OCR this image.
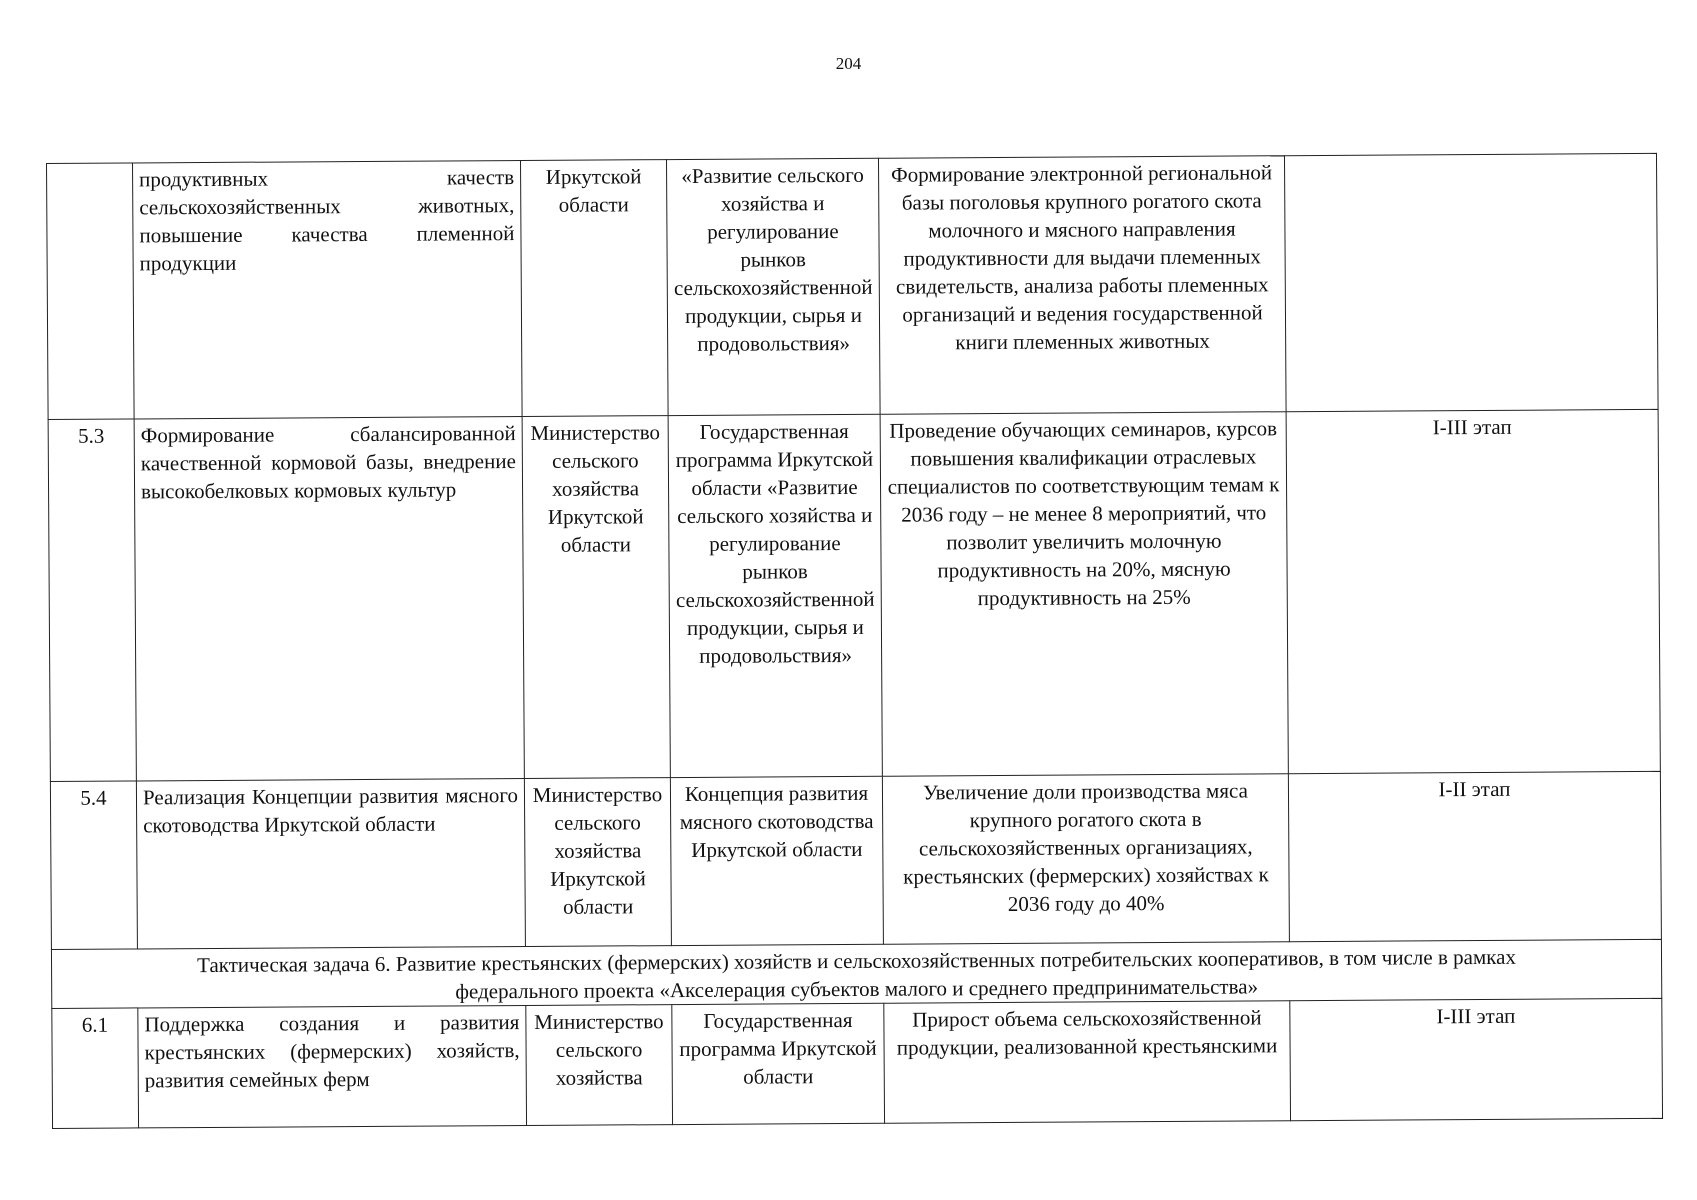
204
	продуктивных качеств сельскохозяйственных животных, повышение качества племенной продукции	Иркутской области	«Развитие сельского хозяйства и регулирование рынков сельскохозяйственной продукции, сырья и продовольствия»	Формирование электронной региональной базы поголовья крупного рогатого скота молочного и мясного направления продуктивности для выдачи племенных свидетельств, анализа работы племенных организаций и ведения государственной книги племенных животных	
5.3	Формирование сбалансированной качественной кормовой базы, внедрение высокобелковых кормовых культур	Министерство сельского хозяйства Иркутской области	Государственная программа Иркутской области «Развитие сельского хозяйства и регулирование рынков сельскохозяйственной продукции, сырья и продовольствия»	Проведение обучающих семинаров, курсов повышения квалификации отраслевых специалистов по соответствующим темам к 2036 году – не менее 8 мероприятий, что позволит увеличить молочную продуктивность на 20%, мясную продуктивность на 25%	I-III этап
5.4	Реализация Концепции развития мясного скотоводства Иркутской области	Министерство сельского хозяйства Иркутской области	Концепция развития мясного скотоводства Иркутской области	Увеличение доли производства мяса крупного рогатого скота в сельскохозяйственных организациях, крестьянских (фермерских) хозяйствах к 2036 году до 40%	I-II этап

Тактическая задача 6. Развитие крестьянских (фермерских) хозяйств и сельскохозяйственных потребительских кооперативов, в том числе в рамках
федерального проекта «Акселерация субъектов малого и среднего предпринимательства»					

6.1	Поддержка создания и развития крестьянских (фермерских) хозяйств, развития семейных ферм	Министерство сельского хозяйства	Государственная программа Иркутской области	Прирост объема сельскохозяйственной продукции, реализованной крестьянскими	I-III этап
